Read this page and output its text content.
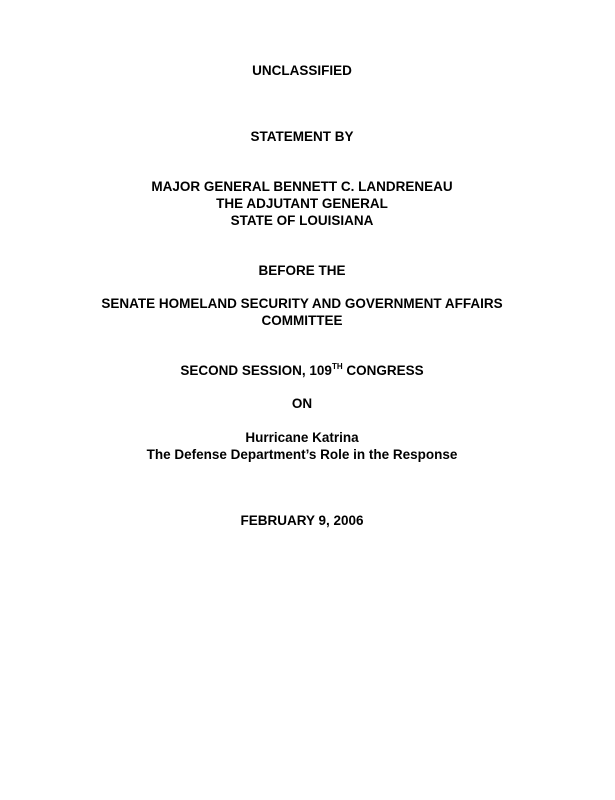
UNCLASSIFIED
STATEMENT BY
MAJOR GENERAL BENNETT C. LANDRENEAU
THE ADJUTANT GENERAL
STATE OF LOUISIANA
BEFORE THE
SENATE HOMELAND SECURITY AND GOVERNMENT AFFAIRS
COMMITTEE
SECOND SESSION, 109TH CONGRESS
ON
Hurricane Katrina
The Defense Department’s Role in the Response
FEBRUARY 9, 2006
